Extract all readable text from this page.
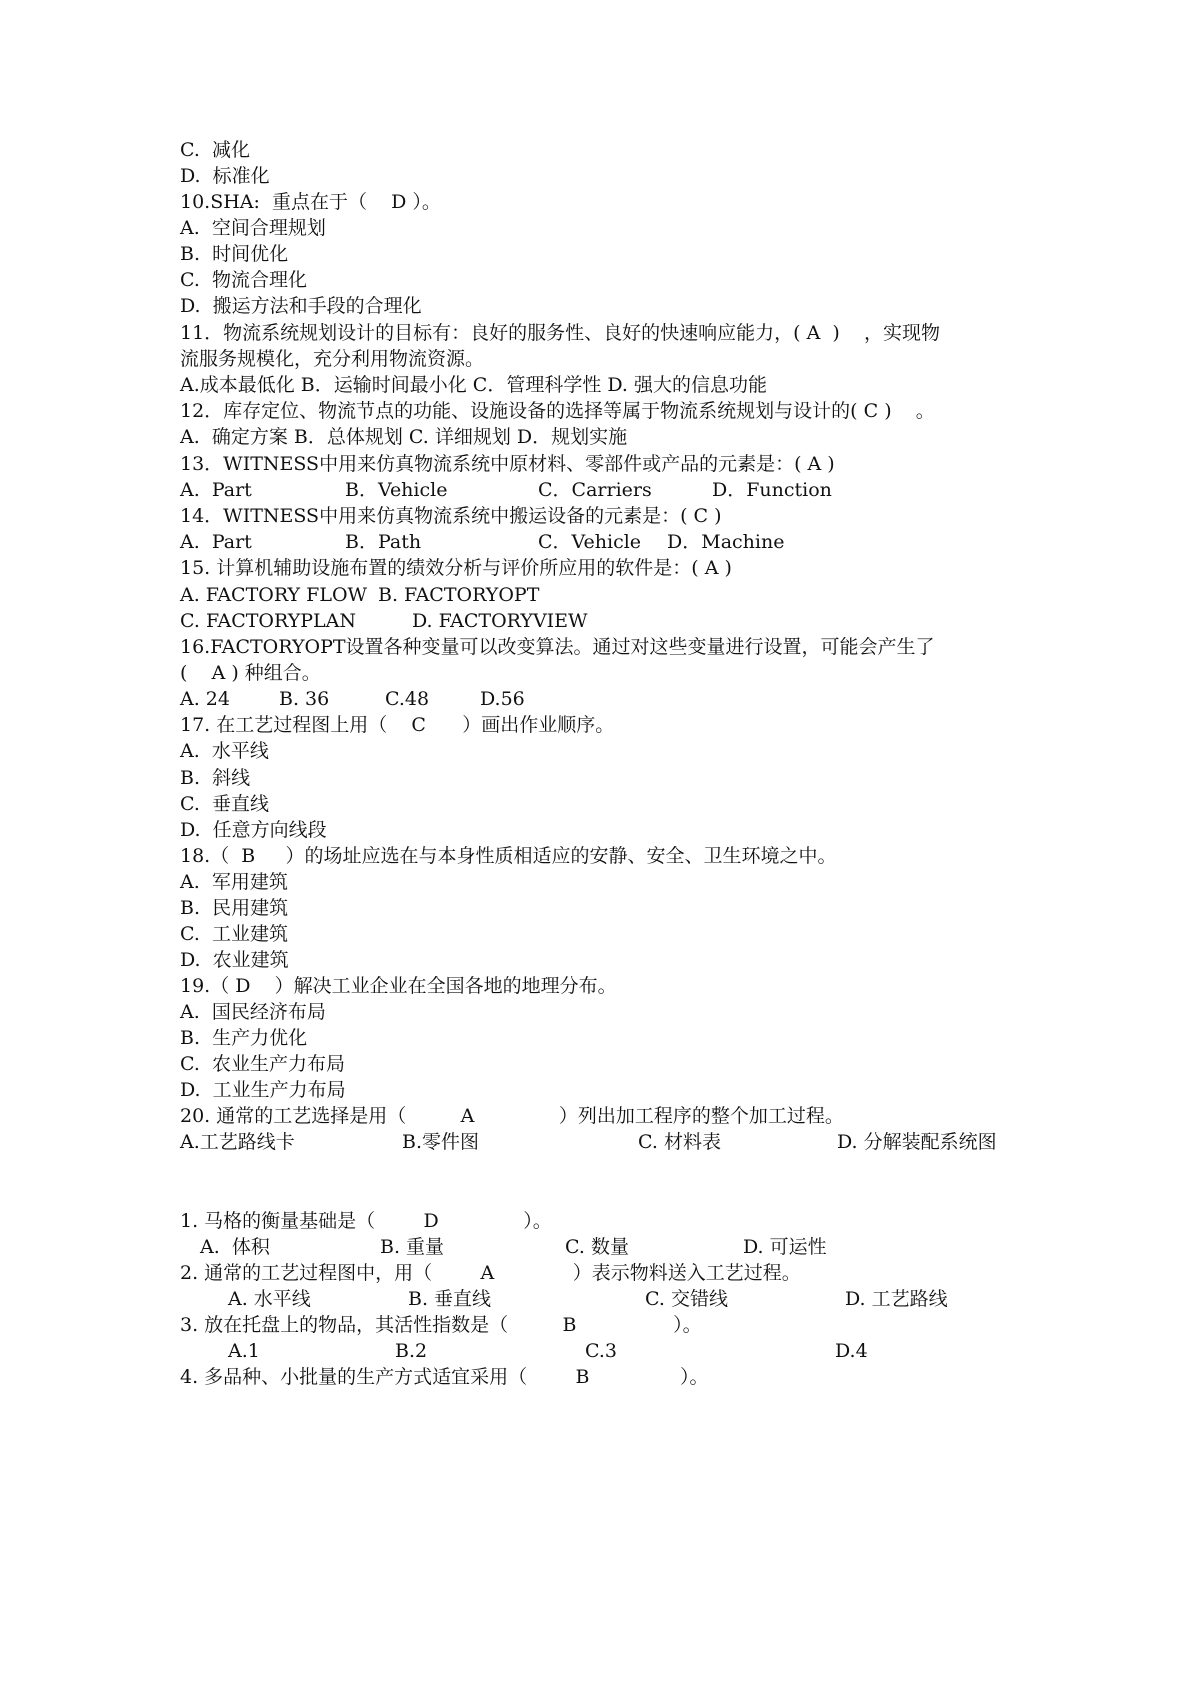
C.  减化
D.  标准化
10.SHA:  重点在于（    D ）。
A.  空间合理规划
B.  时间优化
C.  物流合理化
D.  搬运方法和手段的合理化
11．物流系统规划设计的目标有：良好的服务性、良好的快速响应能力，( A  )    ，实现物
流服务规模化，充分利用物流资源。
A.成本最低化 B．运输时间最小化 C．管理科学性 D. 强大的信息功能
12．库存定位、物流节点的功能、设施设备的选择等属于物流系统规划与设计的( C )    。
A.  确定方案 B．总体规划 C. 详细规划 D．规划实施
13．WITNESS中用来仿真物流系统中原材料、零部件或产品的元素是：( A )

A.  Part

	B．Vehicle

	C．Carriers

	D．Function

14．WITNESS中用来仿真物流系统中搬运设备的元素是：( C )

A.  Part

	B．Path

	C．Vehicle

D．Machine

15. 计算机辅助设施布置的绩效分析与评价所应用的软件是：( A )

A. FACTORY FLOW

B. FACTORYOPT

C. FACTORYPLAN

	D. FACTORYVIEW

16.FACTORYOPT设置各种变量可以改变算法。通过对这些变量进行设置，可能会产生了
(    A ) 种组合。

A. 24

	B. 36

	C.48

	D.56

17. 在工艺过程图上用（    C      ）画出作业顺序。
A.  水平线
B.  斜线
C.  垂直线
D.  任意方向线段
18.（  B     ）的场址应选在与本身性质相适应的安静、安全、卫生环境之中。
A.  军用建筑
B.  民用建筑
C.  工业建筑
D.  农业建筑
19.（ D    ）解决工业企业在全国各地的地理分布。
A.  国民经济布局
B.  生产力优化
C.  农业生产力布局
D.  工业生产力布局
20. 通常的工艺选择是用（         A              ）列出加工程序的整个加工过程。

A.工艺路线卡

	B.零件图

	C. 材料表

	D. 分解装配系统图

1. 马格的衡量基础是（        D              ）。

A.  体积

	B. 重量

	C. 数量

	D. 可运性

2. 通常的工艺过程图中，用（        A             ）表示物料送入工艺过程。

A. 水平线

	B. 垂直线

	C. 交错线

	D. 工艺路线

3. 放在托盘上的物品，其活性指数是（         B                ）。

A.1

	B.2

	C.3

	D.4

4. 多品种、小批量的生产方式适宜采用（        B               ）。
